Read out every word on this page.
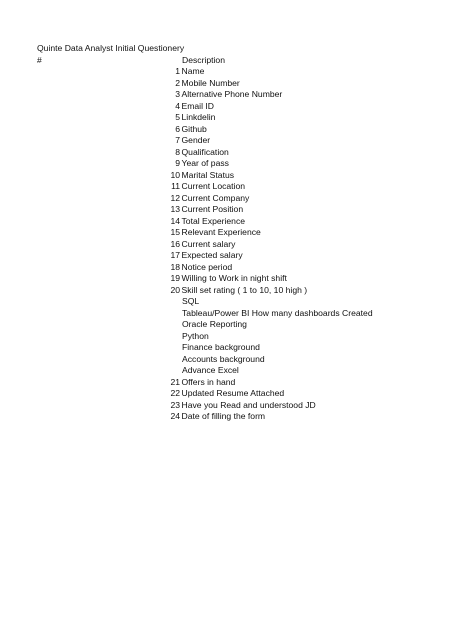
Quinte Data Analyst Initial Questionery
#	Description
1 Name
2 Mobile Number
3 Alternative Phone Number
4 Email ID
5 Linkdelin
6 Github
7 Gender
8 Qualification
9 Year of pass
10 Marital Status
11 Current Location
12 Current Company
13 Current Position
14 Total Experience
15 Relevant Experience
16 Current salary
17 Expected salary
18 Notice period
19 Willing to Work in night shift
20 Skill set rating ( 1 to 10, 10 high )
SQL
Tableau/Power BI How many dashboards Created
Oracle Reporting
Python
Finance background
Accounts background
Advance Excel
21 Offers in hand
22 Updated Resume Attached
23 Have you Read and understood JD
24 Date of filling the form
